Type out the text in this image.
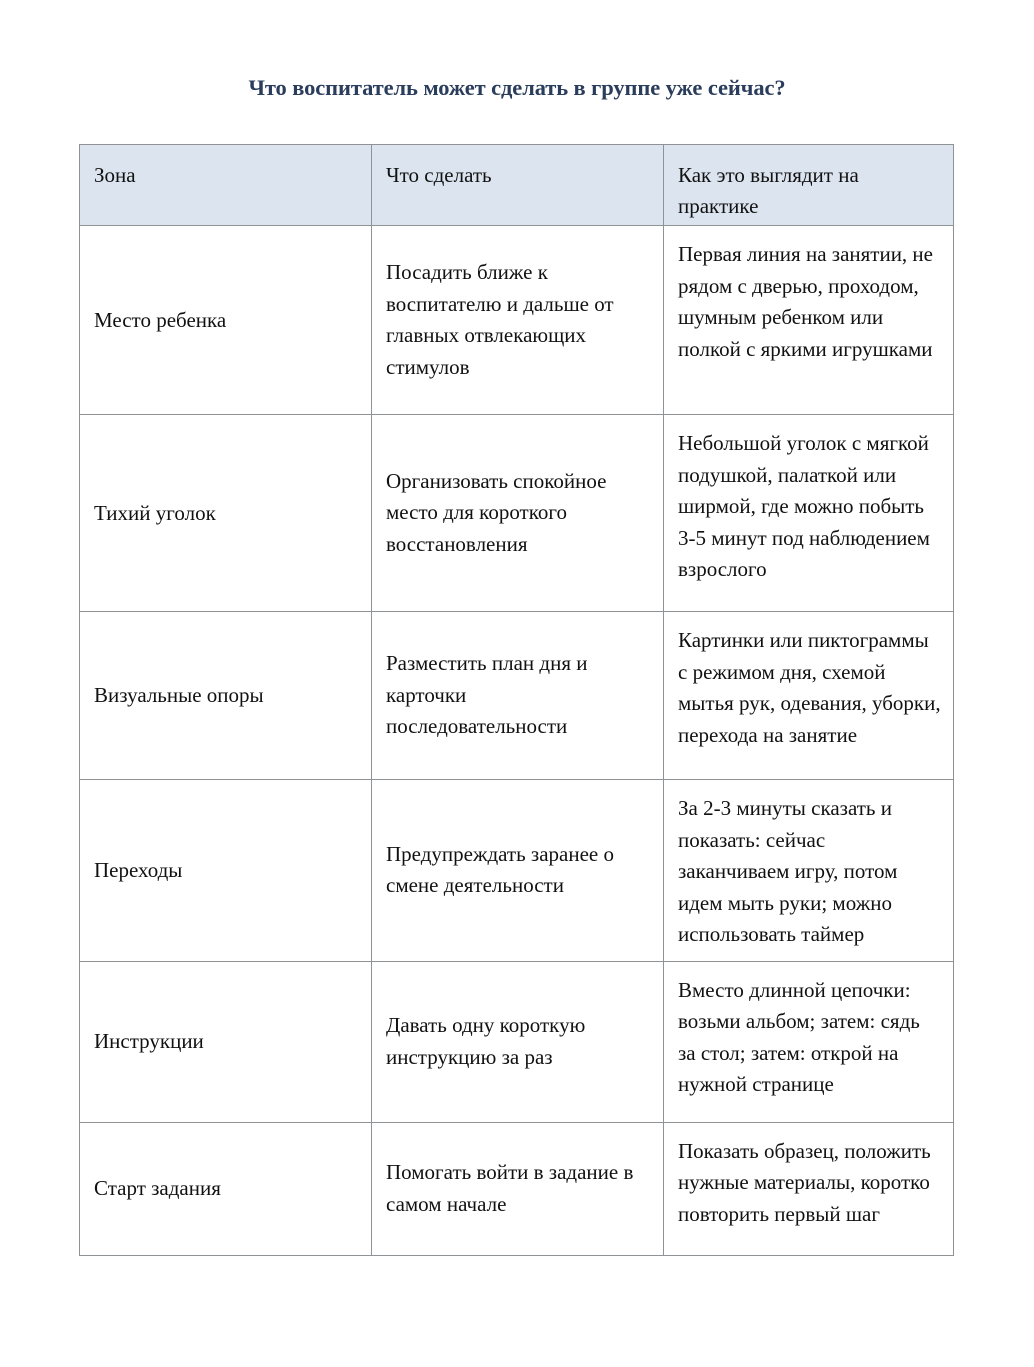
Что воспитатель может сделать в группе уже сейчас?
Зона	Что сделать	Как это выглядит на практике

Место ребенка	Посадить ближе к воспитателю и дальше от главных отвлекающих стимулов	Первая линия на занятии, не рядом с дверью, проходом, шумным ребенком или полкой с яркими игрушками

Тихий уголок	Организовать спокойное место для короткого восстановления	Небольшой уголок с мягкой подушкой, палаткой или ширмой, где можно побыть 3-5 минут под наблюдением взрослого

Визуальные опоры	Разместить план дня и карточки последовательности	Картинки или пиктограммы с режимом дня, схемой мытья рук, одевания, уборки, перехода на занятие

Переходы	Предупреждать заранее о смене деятельности	За 2-3 минуты сказать и показать: сейчас заканчиваем игру, потом идем мыть руки; можно использовать таймер

Инструкции	Давать одну короткую инструкцию за раз	Вместо длинной цепочки: возьми альбом; затем: сядь за стол; затем: открой на нужной странице

Старт задания	Помогать войти в задание в самом начале	Показать образец, положить нужные материалы, коротко повторить первый шаг
